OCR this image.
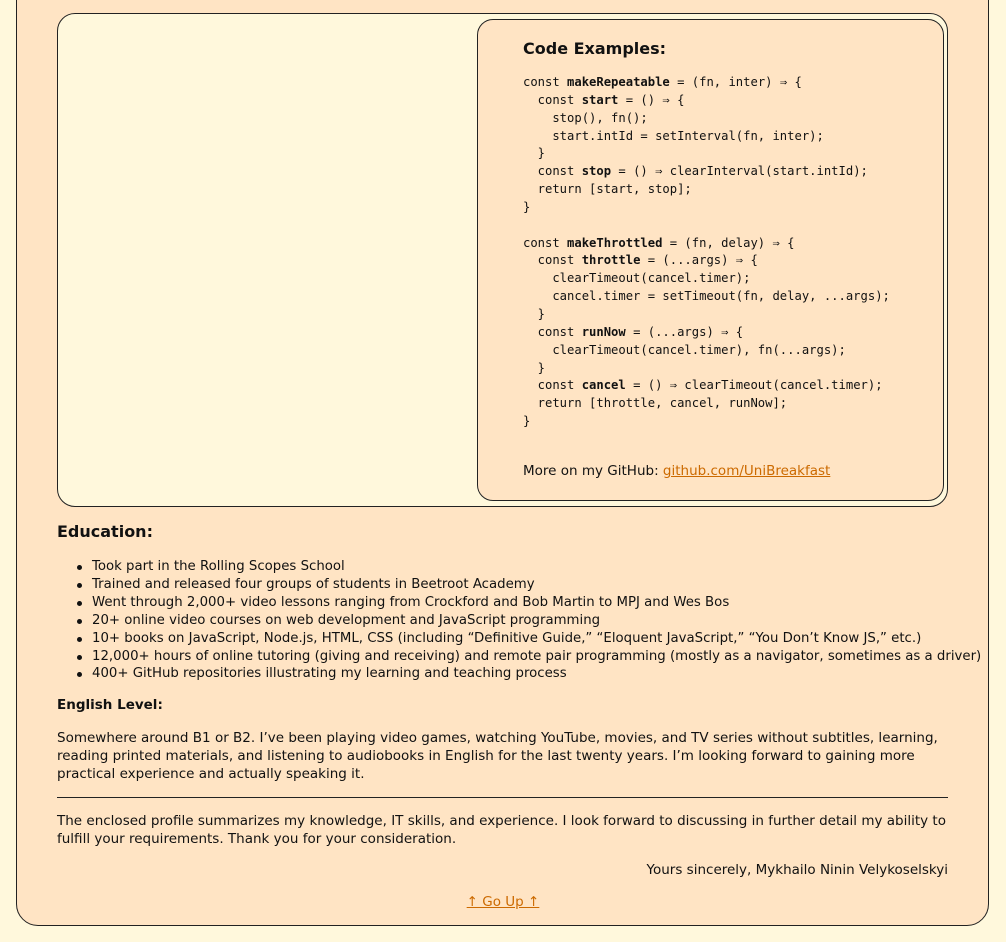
Code Examples:
const makeRepeatable = (fn, inter) ⇒ {
const start = () ⇒ {
stop(), fn();
start.intId = setInterval(fn, inter);
}
const stop = () ⇒ clearInterval(start.intId);
return [start, stop];
}

const makeThrottled = (fn, delay) ⇒ {
const throttle = (...args) ⇒ {
clearTimeout(cancel.timer);
cancel.timer = setTimeout(fn, delay, ...args);
}
const runNow = (...args) ⇒ {
clearTimeout(cancel.timer), fn(...args);
}
const cancel = () ⇒ clearTimeout(cancel.timer);
return [throttle, cancel, runNow];
}
More on my GitHub: github.com/UniBreakfast
Education:
Took part in the Rolling Scopes School
Trained and released four groups of students in Beetroot Academy
Went through 2,000+ video lessons ranging from Crockford and Bob Martin to MPJ and Wes Bos
20+ online video courses on web development and JavaScript programming
10+ books on JavaScript, Node.js, HTML, CSS (including “Definitive Guide,” “Eloquent JavaScript,” “You Don’t Know JS,” etc.)
12,000+ hours of online tutoring (giving and receiving) and remote pair programming (mostly as a navigator, sometimes as a driver)
400+ GitHub repositories illustrating my learning and teaching process
English Level:

Somewhere around B1 or B2. I’ve been playing video games, watching YouTube, movies, and TV series without subtitles, learning, reading printed materials, and listening to audiobooks in English for the last twenty years. I’m looking forward to gaining more practical experience and actually speaking it.

The enclosed profile summarizes my knowledge, IT skills, and experience. I look forward to discussing in further detail my ability to fulfill your requirements. Thank you for your consideration.

Yours sincerely, Mykhailo Ninin Velykoselskyi
↑ Go Up ↑
